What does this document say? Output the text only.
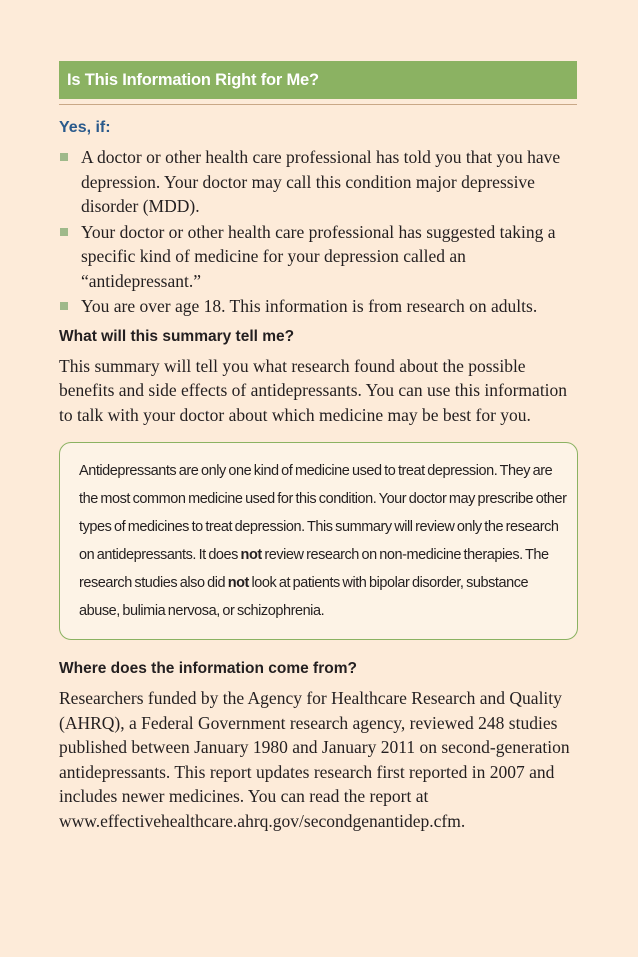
Is This Information Right for Me?
Yes, if:
A doctor or other health care professional has told you that you have depression. Your doctor may call this condition major depressive disorder (MDD).
Your doctor or other health care professional has suggested taking a specific kind of medicine for your depression called an “antidepressant.”
You are over age 18. This information is from research on adults.
What will this summary tell me?

This summary will tell you what research found about the possible benefits and side effects of antidepressants. You can use this information to talk with your doctor about which medicine may be best for you.

Antidepressants are only one kind of medicine used to treat depression. They are the most common medicine used for this condition. Your doctor may prescribe other types of medicines to treat depression. This summary will review only the research on antidepressants. It does not review research on non-medicine therapies. The research studies also did not look at patients with bipolar disorder, substance abuse, bulimia nervosa, or schizophrenia.
Where does the information come from?

Researchers funded by the Agency for Healthcare Research and Quality (AHRQ), a Federal Government research agency, reviewed 248 studies published between January 1980 and January 2011 on second-generation antidepressants. This report updates research first reported in 2007 and includes newer medicines. You can read the report at www.effectivehealthcare.ahrq.gov/secondgenantidep.cfm.
